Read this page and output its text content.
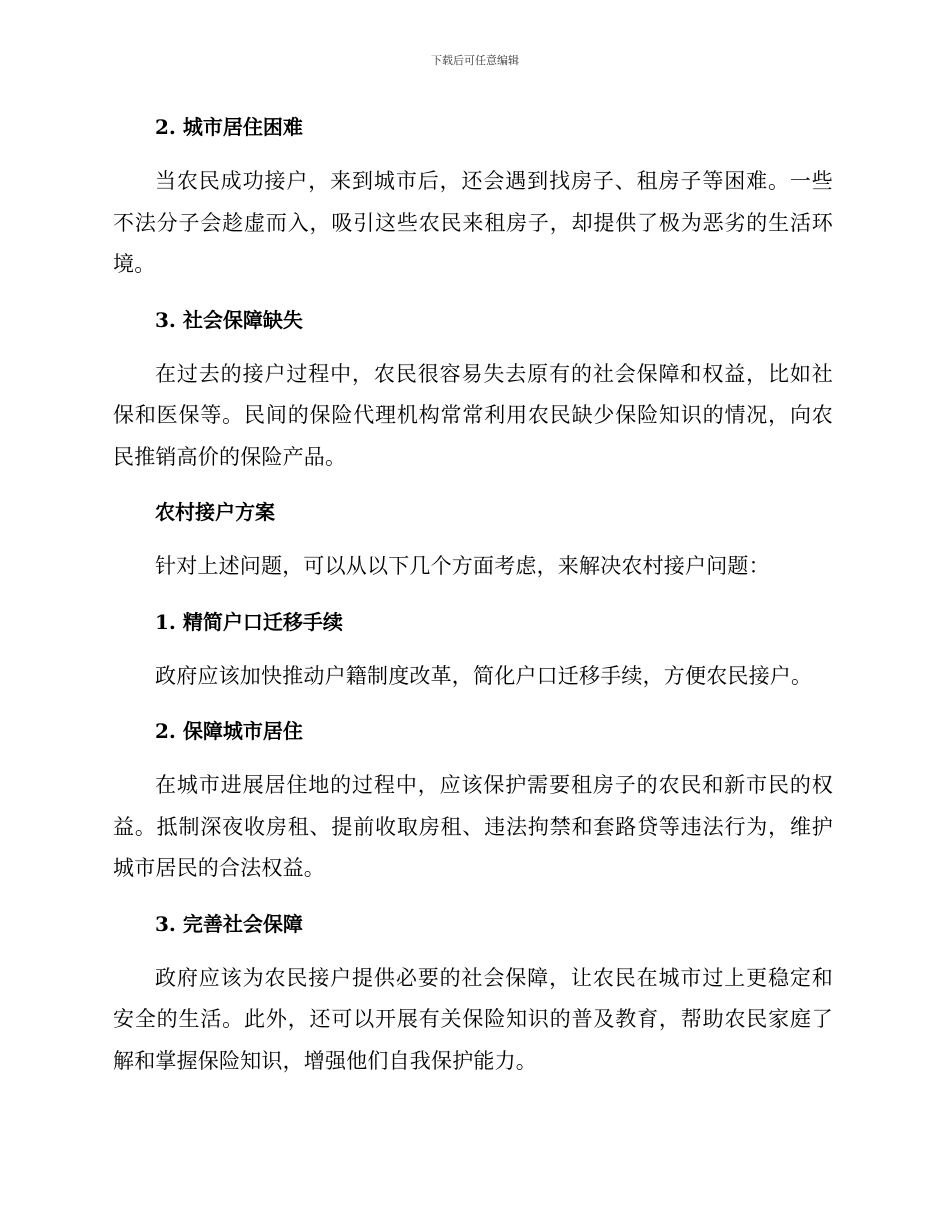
下载后可任意编辑
2. 城市居住困难

当农民成功接户，来到城市后，还会遇到找房子、租房子等困难。一些不法分子会趁虚而入，吸引这些农民来租房子，却提供了极为恶劣的生活环境。

3. 社会保障缺失

在过去的接户过程中，农民很容易失去原有的社会保障和权益，比如社保和医保等。民间的保险代理机构常常利用农民缺少保险知识的情况，向农民推销高价的保险产品。

农村接户方案

针对上述问题，可以从以下几个方面考虑，来解决农村接户问题：

1. 精简户口迁移手续

政府应该加快推动户籍制度改革，简化户口迁移手续，方便农民接户。

2. 保障城市居住

在城市进展居住地的过程中，应该保护需要租房子的农民和新市民的权益。抵制深夜收房租、提前收取房租、违法拘禁和套路贷等违法行为，维护城市居民的合法权益。

3. 完善社会保障

政府应该为农民接户提供必要的社会保障，让农民在城市过上更稳定和安全的生活。此外，还可以开展有关保险知识的普及教育，帮助农民家庭了解和掌握保险知识，增强他们自我保护能力。
